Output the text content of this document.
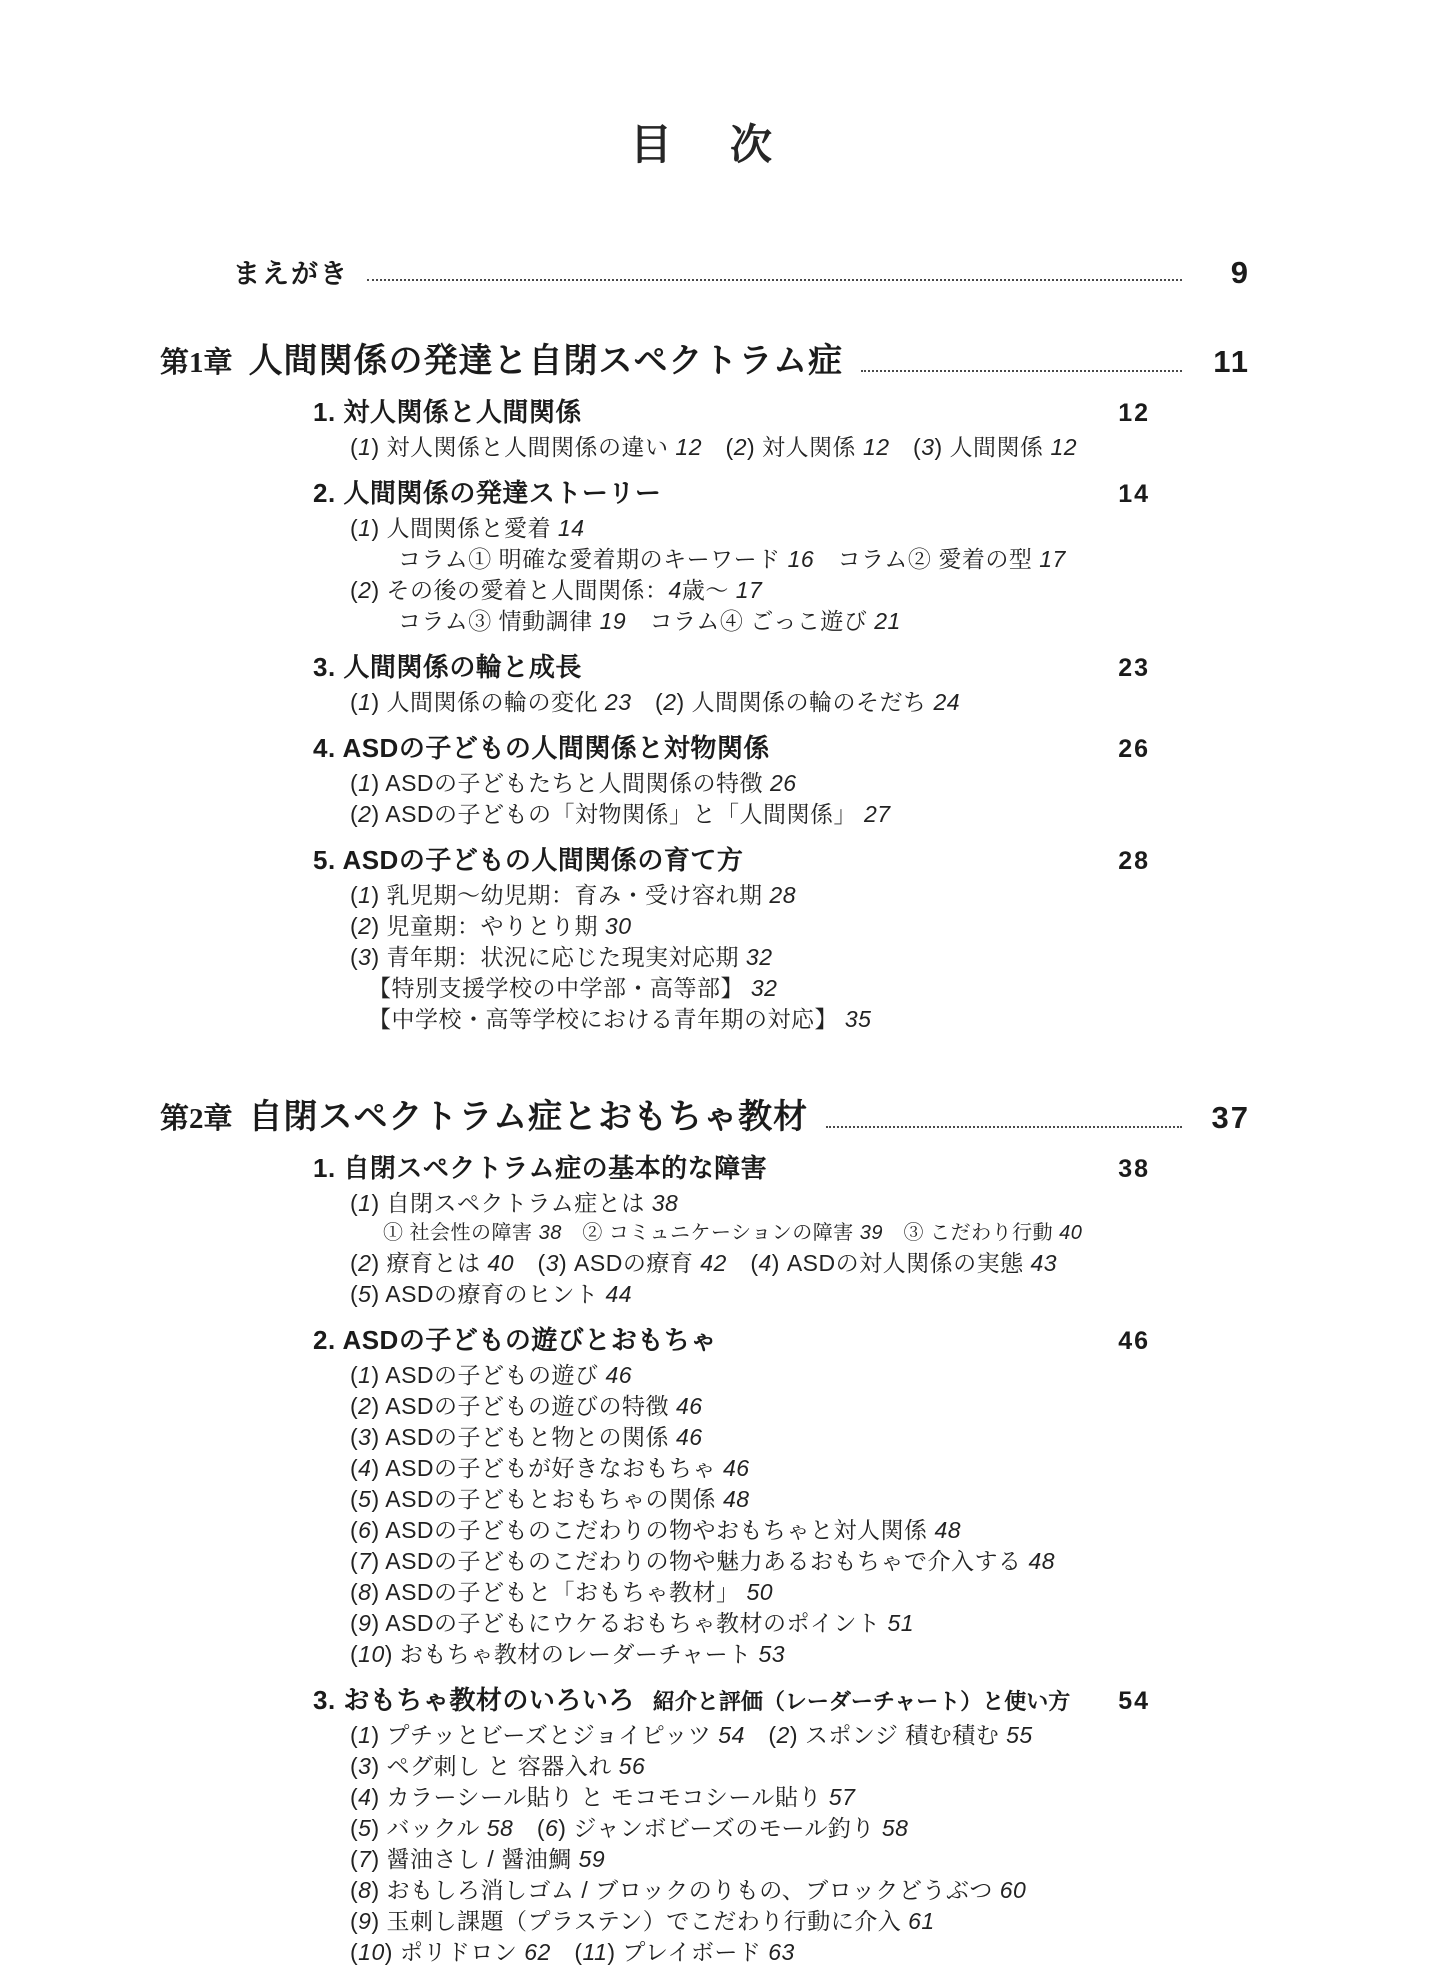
目　次
まえがき	9
第1章 人間関係の発達と自閉スペクトラム症	11
1. 対人関係と人間関係	12
(1) 対人関係と人間関係の違い 12　(2) 対人関係 12　(3) 人間関係 12
2. 人間関係の発達ストーリー	14
(1) 人間関係と愛着 14
コラム① 明確な愛着期のキーワード 16　コラム② 愛着の型 17
(2) その後の愛着と人間関係：4歳～ 17
コラム③ 情動調律 19　コラム④ ごっこ遊び 21
3. 人間関係の輪と成長	23
(1) 人間関係の輪の変化 23　(2) 人間関係の輪のそだち 24
4. ASDの子どもの人間関係と対物関係	26
(1) ASDの子どもたちと人間関係の特徴 26
(2) ASDの子どもの「対物関係」と「人間関係」 27
5. ASDの子どもの人間関係の育て方	28
(1) 乳児期～幼児期：育み・受け容れ期 28
(2) 児童期：やりとり期 30
(3) 青年期：状況に応じた現実対応期 32
【特別支援学校の中学部・高等部】 32
【中学校・高等学校における青年期の対応】 35
第2章 自閉スペクトラム症とおもちゃ教材	37
1. 自閉スペクトラム症の基本的な障害	38
(1) 自閉スペクトラム症とは 38
① 社会性の障害 38　② コミュニケーションの障害 39　③ こだわり行動 40
(2) 療育とは 40　(3) ASDの療育 42　(4) ASDの対人関係の実態 43
(5) ASDの療育のヒント 44
2. ASDの子どもの遊びとおもちゃ	46
(1) ASDの子どもの遊び 46
(2) ASDの子どもの遊びの特徴 46
(3) ASDの子どもと物との関係 46
(4) ASDの子どもが好きなおもちゃ 46
(5) ASDの子どもとおもちゃの関係 48
(6) ASDの子どものこだわりの物やおもちゃと対人関係 48
(7) ASDの子どものこだわりの物や魅力あるおもちゃで介入する 48
(8) ASDの子どもと「おもちゃ教材」 50
(9) ASDの子どもにウケるおもちゃ教材のポイント 51
(10) おもちゃ教材のレーダーチャート 53
3. おもちゃ教材のいろいろ 紹介と評価（レーダーチャート）と使い方 54
(1) プチッとビーズとジョイピッツ 54　(2) スポンジ 積む積む 55
(3) ペグ刺し と 容器入れ 56
(4) カラーシール貼り と モコモコシール貼り 57
(5) バックル 58　(6) ジャンボビーズのモール釣り 58
(7) 醤油さし / 醤油鯛 59
(8) おもしろ消しゴム / ブロックのりもの、ブロックどうぶつ 60
(9) 玉刺し課題（プラステン）でこだわり行動に介入 61
(10) ポリドロン 62　(11) プレイボード 63
